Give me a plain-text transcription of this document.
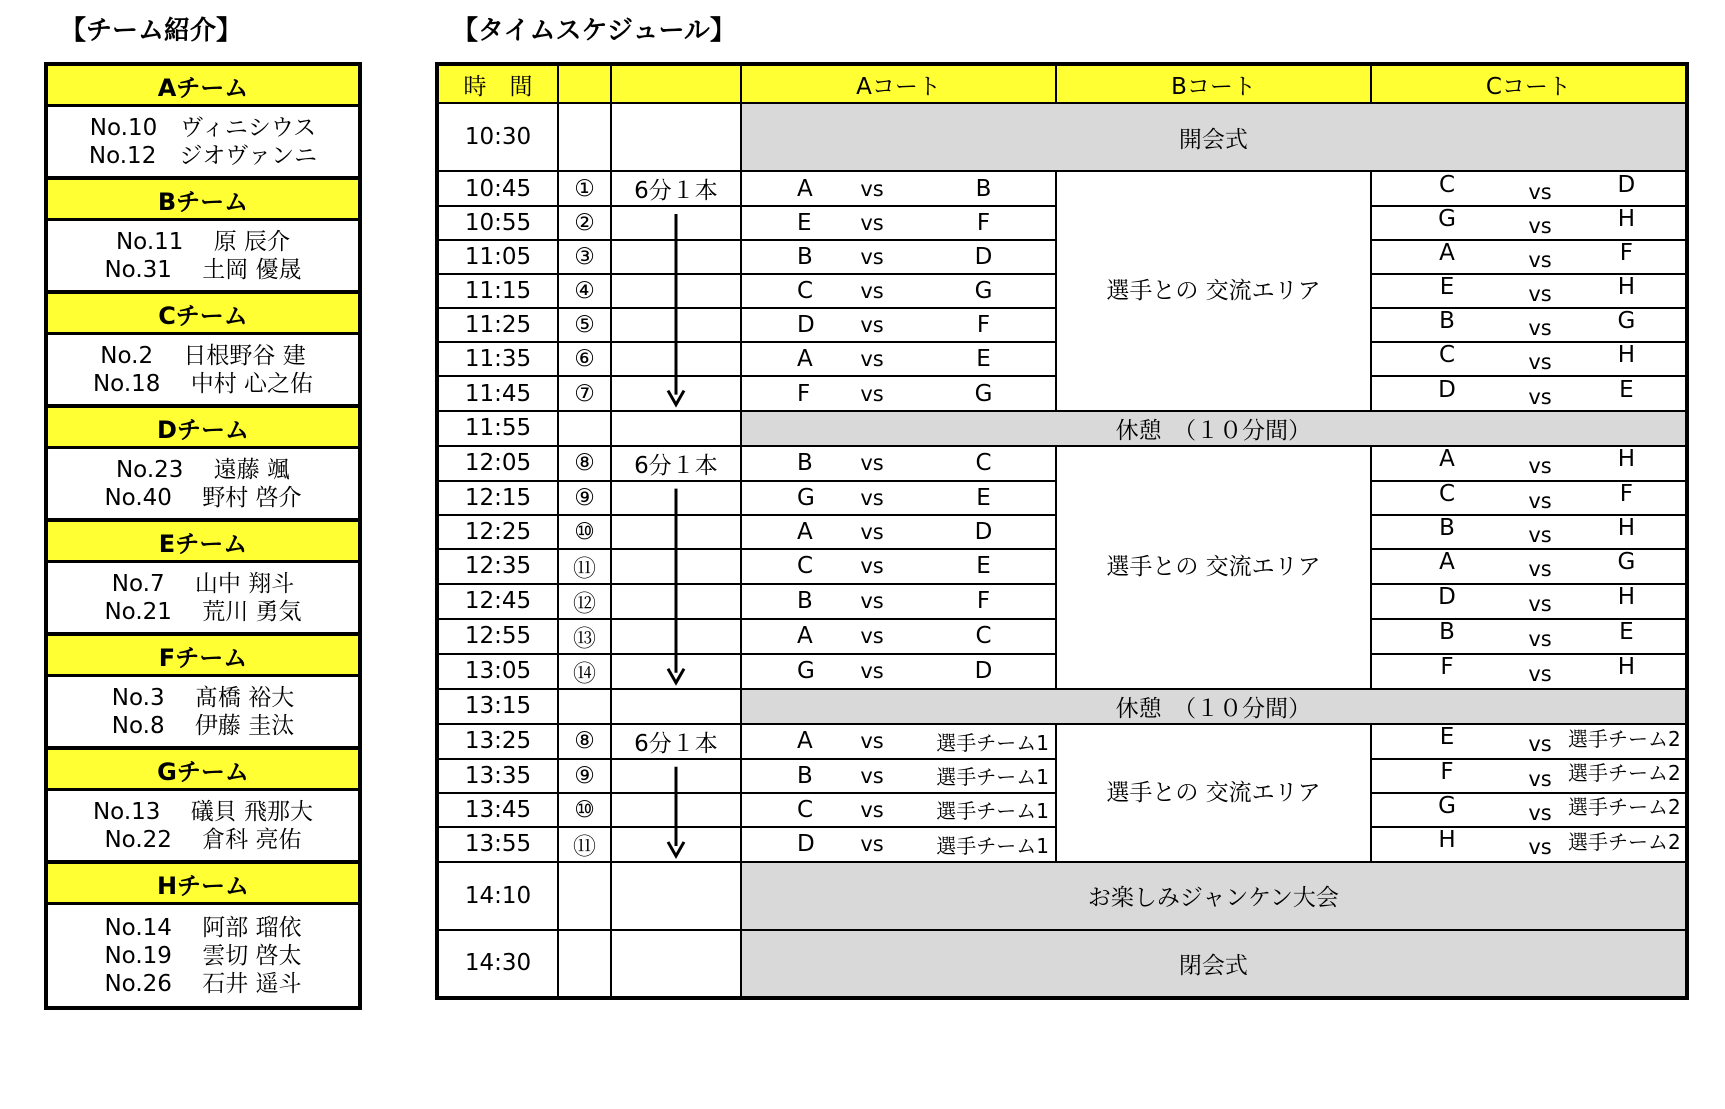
【チーム紹介】	【タイムスケジュール】
Aチーム
No.10　ヴィニシウス
No.12　ジオヴァンニ
Bチーム
No.11　 原 辰介
No.31　 土岡 優晟
Cチーム
No.2　 日根野谷 建
No.18　 中村 心之佑
Dチーム
No.23　 遠藤 颯
No.40　 野村 啓介
Eチーム
No.7　 山中 翔斗
No.21　 荒川 勇気
Fチーム
No.3　 髙橋 裕大
No.8　 伊藤 圭汰
Gチーム
No.13　 礒貝 飛那大
No.22　 倉科 亮佑
Hチーム
No.14　 阿部 瑠依
No.19　 雲切 啓太
No.26　 石井 遥斗
時　間			Aコート	Bコート	Cコート
10:30			開会式		
10:45	①	6分１本	A vs B	選手との 交流エリア	C vs D

10:55	②		E vs F		G vs H

11:05	③		B vs D		A vs F

11:15	④		C vs G		E vs H

11:25	⑤		D vs F		B vs G

11:35	⑥		A vs E		C vs H

11:45	⑦		F vs G		D vs E

11:55			休憩　（１０分間）		
12:05	⑧	6分１本	B vs C	選手との 交流エリア	A vs H

12:15	⑨		G vs E		C vs F

12:25	⑩		A vs D		B vs H

12:35	⑪		C vs E		A vs G

12:45	⑫		B vs F		D vs H

12:55	⑬		A vs C		B vs E

13:05	⑭		G vs D		F vs H

13:15			休憩　（１０分間）		
13:25	⑧	6分１本	A vs 選手チーム1	選手との 交流エリア	E vs 選手チーム2

13:35	⑨		B vs 選手チーム1		F vs 選手チーム2

13:45	⑩		C vs 選手チーム1		G vs 選手チーム2

13:55	⑪		D vs 選手チーム1		H vs 選手チーム2

14:10			お楽しみジャンケン大会		
14:30			閉会式		
